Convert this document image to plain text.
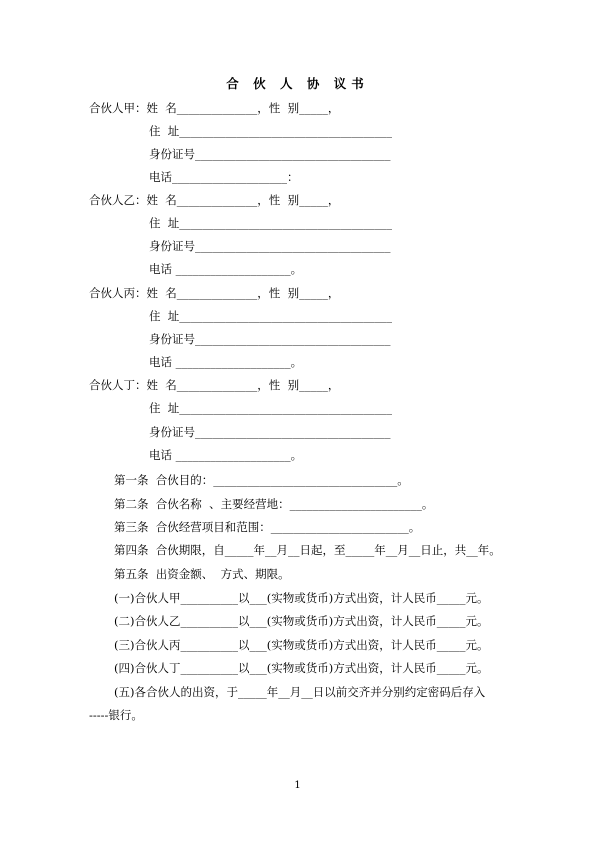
合 伙 人 协 议书
合伙人甲：姓  名______________，性  别_____，
住  址_____________________________________
身份证号__________________________________
电话____________________：
合伙人乙：姓  名______________，性  别_____，
住  址_____________________________________
身份证号__________________________________
电话 ____________________。
合伙人丙：姓  名______________，性  别_____，
住  址_____________________________________
身份证号__________________________________
电话 ____________________。
合伙人丁：姓  名______________，性  别_____，
住  址_____________________________________
身份证号__________________________________
电话 ____________________。
第一条  合伙目的：________________________________。
第二条  合伙名称  、主要经营地：_______________________。
第三条  合伙经营项目和范围：________________________。
第四条  合伙期限，自_____年__月__日起，至_____年__月__日止，共__年。
第五条  出资金额、  方式、期限。
(一)合伙人甲__________以___(实物或货币)方式出资，计人民币_____元。
(二)合伙人乙__________以___(实物或货币)方式出资，计人民币_____元。
(三)合伙人丙__________以___(实物或货币)方式出资，计人民币_____元。
(四)合伙人丁__________以___(实物或货币)方式出资，计人民币_____元。
(五)各合伙人的出资，于_____年__月__日以前交齐并分别约定密码后存入
-----银行。
1
